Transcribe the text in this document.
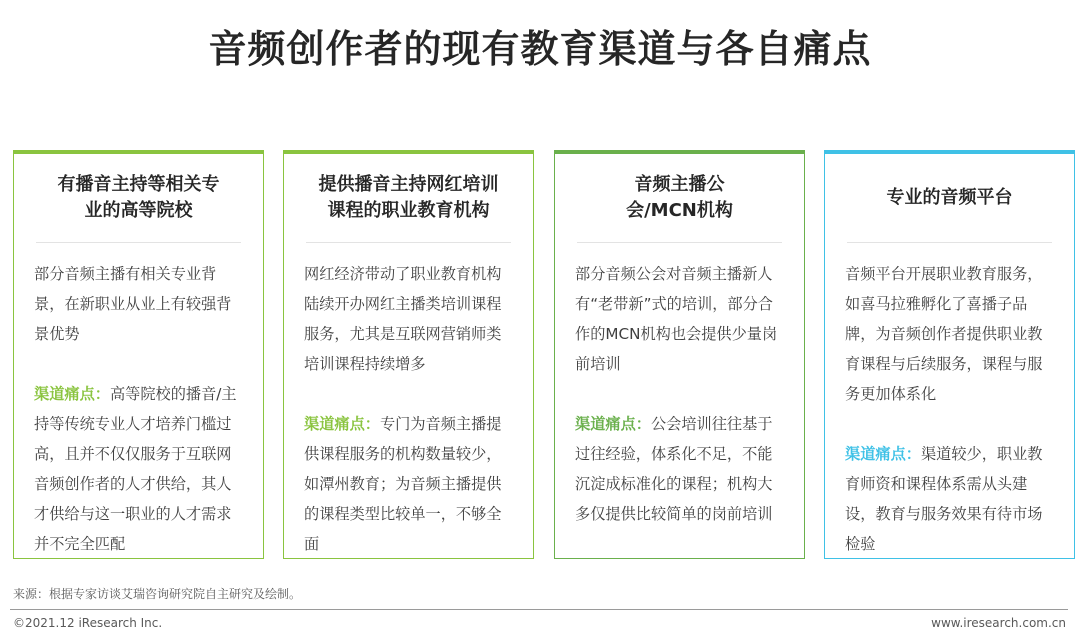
音频创作者的现有教育渠道与各自痛点
有播音主持等相关专业的高等院校

部分音频主播有相关专业背景，在新职业从业上有较强背景优势

渠道痛点：高等院校的播音/主持等传统专业人才培养门槛过高，且并不仅仅服务于互联网音频创作者的人才供给，其人才供给与这一职业的人才需求并不完全匹配

提供播音主持网红培训课程的职业教育机构

网红经济带动了职业教育机构陆续开办网红主播类培训课程服务，尤其是互联网营销师类培训课程持续增多

渠道痛点：专门为音频主播提供课程服务的机构数量较少，如潭州教育；为音频主播提供的课程类型比较单一，不够全面

音频主播公会/MCN机构

部分音频公会对音频主播新人有“老带新”式的培训，部分合作的MCN机构也会提供少量岗前培训

渠道痛点：公会培训往往基于过往经验，体系化不足，不能沉淀成标准化的课程；机构大多仅提供比较简单的岗前培训

专业的音频平台

音频平台开展职业教育服务，如喜马拉雅孵化了喜播子品牌，为音频创作者提供职业教育课程与后续服务，课程与服务更加体系化

渠道痛点：渠道较少，职业教育师资和课程体系需从头建设，教育与服务效果有待市场检验

来源：根据专家访谈艾瑞咨询研究院自主研究及绘制。
©2021.12 iResearch Inc.	www.iresearch.com.cn
